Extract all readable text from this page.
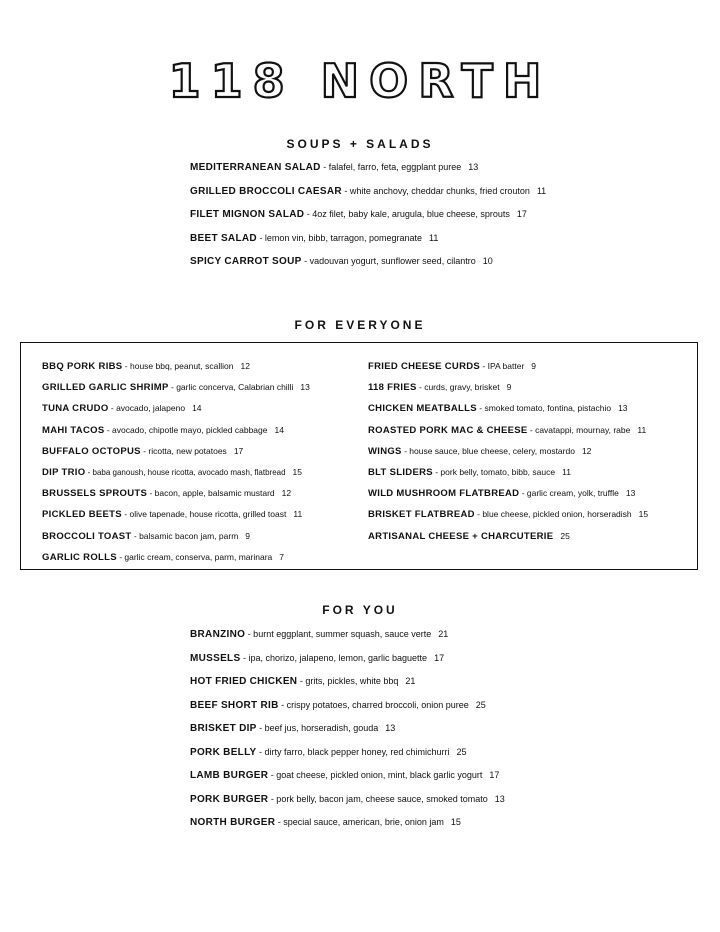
118 NORTH
SOUPS + SALADS
MEDITERRANEAN SALAD - falafel, farro, feta, eggplant puree 13
GRILLED BROCCOLI CAESAR - white anchovy, cheddar chunks, fried crouton 11
FILET MIGNON SALAD - 4oz filet, baby kale, arugula, blue cheese, sprouts 17
BEET SALAD - lemon vin, bibb, tarragon, pomegranate 11
SPICY CARROT SOUP - vadouvan yogurt, sunflower seed, cilantro 10
FOR EVERYONE
BBQ PORK RIBS - house bbq, peanut, scallion 12
GRILLED GARLIC SHRIMP - garlic concerva, Calabrian chilli 13
TUNA CRUDO - avocado, jalapeno 14
MAHI TACOS - avocado, chipotle mayo, pickled cabbage 14
BUFFALO OCTOPUS - ricotta, new potatoes 17
DIP TRIO - baba ganoush, house ricotta, avocado mash, flatbread 15
BRUSSELS SPROUTS - bacon, apple, balsamic mustard 12
PICKLED BEETS - olive tapenade, house ricotta, grilled toast 11
BROCCOLI TOAST - balsamic bacon jam, parm 9
GARLIC ROLLS - garlic cream, conserva, parm, marinara 7
FRIED CHEESE CURDS - IPA batter 9
118 FRIES - curds, gravy, brisket 9
CHICKEN MEATBALLS - smoked tomato, fontina, pistachio 13
ROASTED PORK MAC & CHEESE - cavatappi, mournay, rabe 11
WINGS - house sauce, blue cheese, celery, mostardo 12
BLT SLIDERS - pork belly, tomato, bibb, sauce 11
WILD MUSHROOM FLATBREAD - garlic cream, yolk, truffle 13
BRISKET FLATBREAD - blue cheese, pickled onion, horseradish 15
ARTISANAL CHEESE + CHARCUTERIE 25
FOR YOU
BRANZINO - burnt eggplant, summer squash, sauce verte 21
MUSSELS - ipa, chorizo, jalapeno, lemon, garlic baguette 17
HOT FRIED CHICKEN - grits, pickles, white bbq 21
BEEF SHORT RIB - crispy potatoes, charred broccoli, onion puree 25
BRISKET DIP - beef jus, horseradish, gouda 13
PORK BELLY - dirty farro, black pepper honey, red chimichurri 25
LAMB BURGER - goat cheese, pickled onion, mint, black garlic yogurt 17
PORK BURGER - pork belly, bacon jam, cheese sauce, smoked tomato 13
NORTH BURGER - special sauce, american, brie, onion jam 15
